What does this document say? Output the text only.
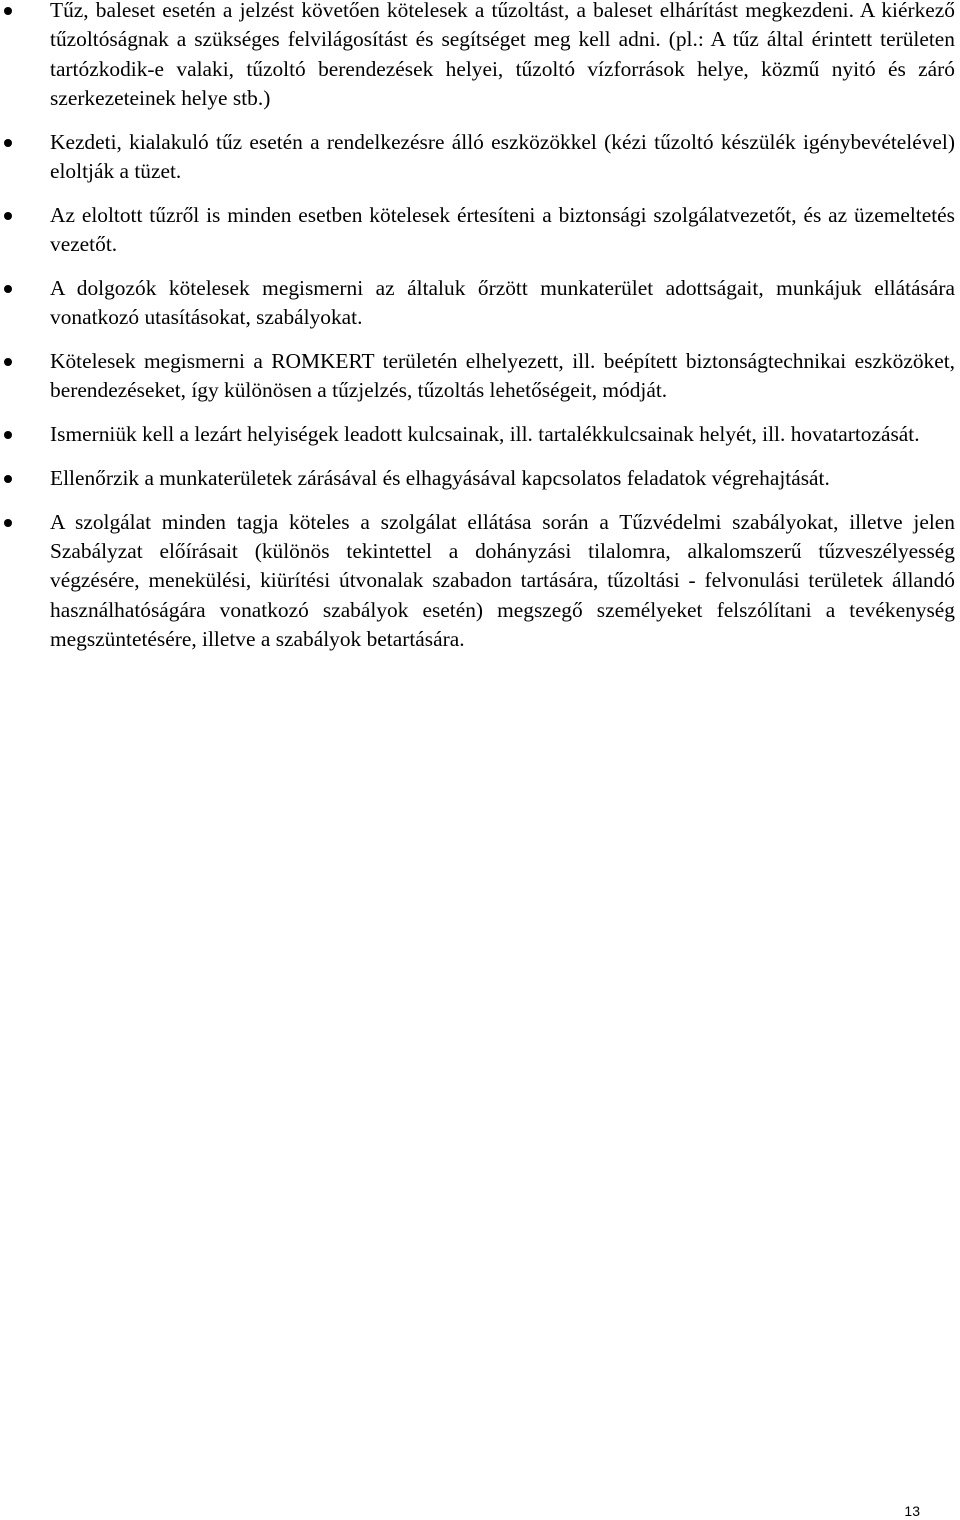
Tűz, baleset esetén a jelzést követően kötelesek a tűzoltást, a baleset elhárítást megkezdeni. A kiérkező tűzoltóságnak a szükséges felvilágosítást és segítséget meg kell adni. (pl.: A tűz által érintett területen tartózkodik-e valaki, tűzoltó berendezések helyei, tűzoltó vízforrások helye, közmű nyitó és záró szerkezeteinek helye stb.)
Kezdeti, kialakuló tűz esetén a rendelkezésre álló eszközökkel (kézi tűzoltó készülék igénybevételével) eloltják a tüzet.
Az eloltott tűzről is minden esetben kötelesek értesíteni a biztonsági szolgálatvezetőt, és az üzemeltetés vezetőt.
A dolgozók kötelesek megismerni az általuk őrzött munkaterület adottságait, munkájuk ellátására vonatkozó utasításokat, szabályokat.
Kötelesek megismerni a ROMKERT területén elhelyezett, ill. beépített biztonságtechnikai eszközöket, berendezéseket, így különösen a tűzjelzés, tűzoltás lehetőségeit, módját.
Ismerniük kell a lezárt helyiségek leadott kulcsainak, ill. tartalékkulcsainak helyét, ill. hovatartozását.
Ellenőrzik a munkaterületek zárásával és elhagyásával kapcsolatos feladatok végrehajtását.
A szolgálat minden tagja köteles a szolgálat ellátása során a Tűzvédelmi szabályokat, illetve jelen Szabályzat előírásait (különös tekintettel a dohányzási tilalomra, alkalomszerű tűzveszélyesség végzésére, menekülési, kiürítési útvonalak szabadon tartására, tűzoltási - felvonulási területek állandó használhatóságára vonatkozó szabályok esetén) megszegő személyeket felszólítani a tevékenység megszüntetésére, illetve a szabályok betartására.
13
